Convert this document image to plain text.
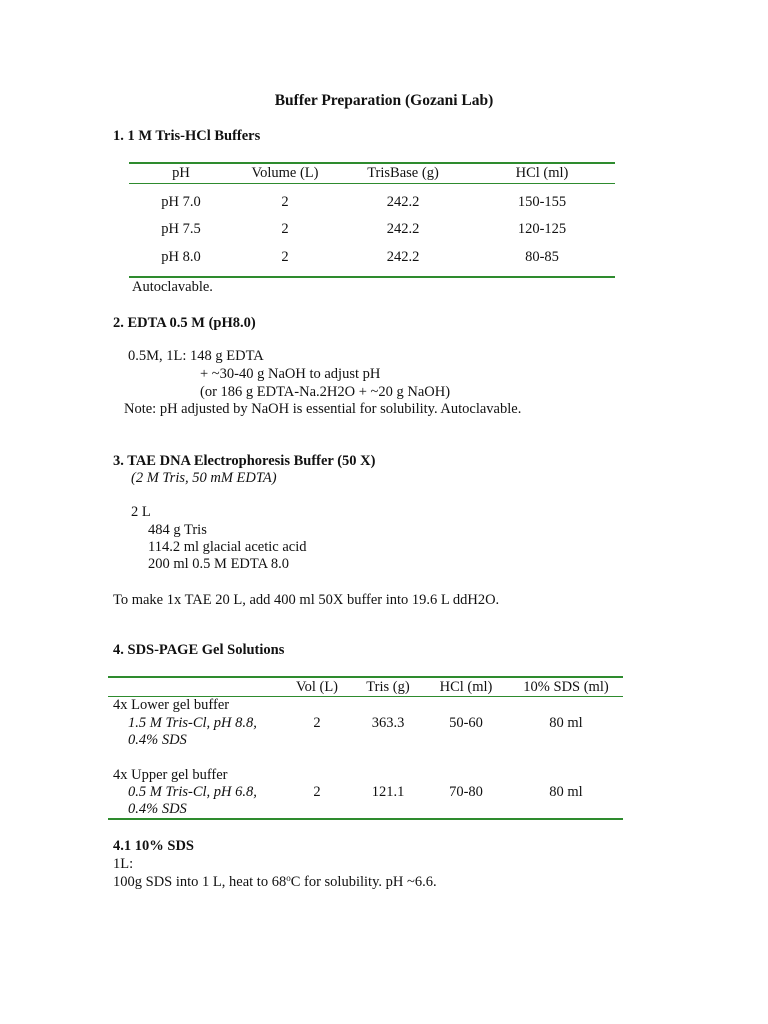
Buffer Preparation (Gozani Lab)
1. 1 M Tris-HCl Buffers
pH	Volume (L)	TrisBase (g)	HCl (ml)
pH 7.0	2	242.2	150-155
pH 7.5	2	242.2	120-125
pH 8.0	2	242.2	80-85
Autoclavable.
2. EDTA 0.5 M (pH8.0)
0.5M, 1L: 148 g EDTA
+ ~30-40 g NaOH to adjust pH
(or 186 g EDTA-Na.2H2O + ~20 g NaOH)
Note: pH adjusted by NaOH is essential for solubility. Autoclavable.
3. TAE DNA Electrophoresis Buffer (50 X)
(2 M Tris, 50 mM EDTA)
2 L
484 g Tris
114.2 ml glacial acetic acid
200 ml 0.5 M EDTA 8.0
To make 1x TAE 20 L, add 400 ml 50X buffer into 19.6 L ddH2O.
4. SDS-PAGE Gel Solutions
Vol (L) Tris (g) HCl (ml) 10% SDS (ml)
4x Lower gel buffer
1.5 M Tris-Cl, pH 8.8,
0.4% SDS
2	363.3	50-60	80 ml
4x Upper gel buffer
0.5 M Tris-Cl, pH 6.8,
0.4% SDS
2	121.1	70-80	80 ml
4.1 10% SDS
1L:
100g SDS into 1 L, heat to 68$^o$C for solubility. pH ~6.6.
